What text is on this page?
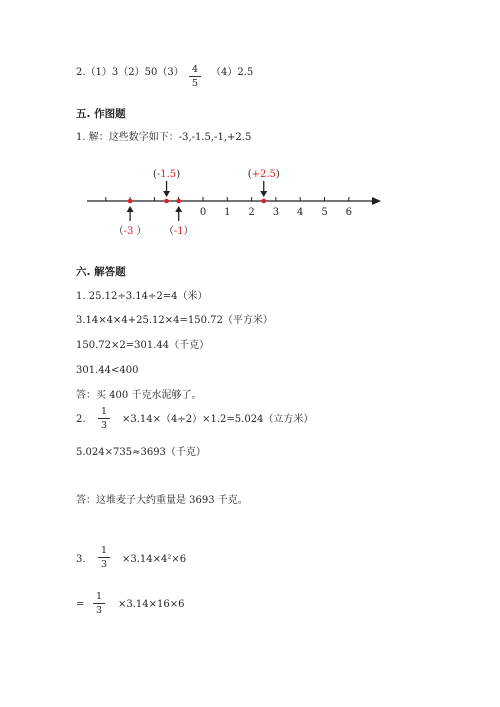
2.（1）3（2）50（3） 4
5
（4）2.5
五. 作图题
1. 解：这些数字如下：-3,-1.5,-1,+2.5
0 1 2 3 4 5 6
（-3 ）
(-1.5)
（-1）
(+2.5)
六. 解答题
1. 25.12÷3.14÷2=4（米）
3.14×4×4+25.12×4=150.72（平方米）
150.72×2=301.44（千克）
301.44<400
答：买 400 千克水泥够了。
2.
1
3
×3.14×（4÷2）×1.2=5.024（立方米）
5.024×735≈3693（千克）
答：这堆麦子大约重量是 3693 千克。
3.
1
3 ×3.14×4²×6
=
1
3
×3.14×16×6
